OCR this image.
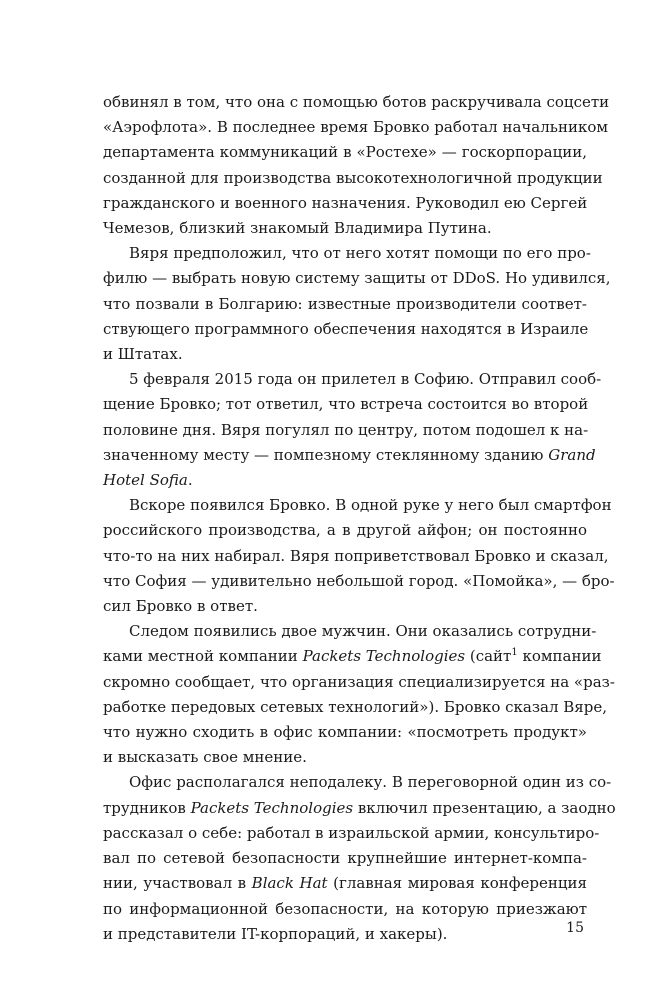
обвинял в том, что она с помощью ботов раскручивала соцсети
«Аэрофлота». В последнее время Бровко работал начальником
департамента коммуникаций в «Ростехе» — госкорпорации,
созданной для производства высокотехнологичной продукции
гражданского и военного назначения. Руководил ею Сергей
Чемезов, близкий знакомый Владимира Путина.
Вяря предположил, что от него хотят помощи по его про-
филю — выбрать новую систему защиты от DDoS. Но удивился,
что позвали в Болгарию: известные производители соответ-
ствующего программного обеспечения находятся в Израиле
и Штатах.
5 февраля 2015 года он прилетел в Софию. Отправил сооб-
щение Бровко; тот ответил, что встреча состоится во второй
половине дня. Вяря погулял по центру, потом подошел к на-
значенному месту — помпезному стеклянному зданию Grand
Hotel Sofia.
Вскоре появился Бровко. В одной руке у него был смартфон
российского производства, а в другой айфон; он постоянно
что-то на них набирал. Вяря поприветствовал Бровко и сказал,
что София — удивительно небольшой город. «Помойка», — бро-
сил Бровко в ответ.
Следом появились двое мужчин. Они оказались сотрудни-
ками местной компании Packets Technologies (сайт$^1$ компании
скромно сообщает, что организация специализируется на «раз-
работке передовых сетевых технологий»). Бровко сказал Вяре,
что нужно сходить в офис компании: «посмотреть продукт»
и высказать свое мнение.
Офис располагался неподалеку. В переговорной один из со-
трудников Packets Technologies включил презентацию, а заодно
рассказал о себе: работал в израильской армии, консультиро-
вал по сетевой безопасности крупнейшие интернет-компа-
нии, участвовал в Black Hat (главная мировая конференция
по информационной безопасности, на которую приезжают
и представители IT-корпораций, и хакеры).	15
